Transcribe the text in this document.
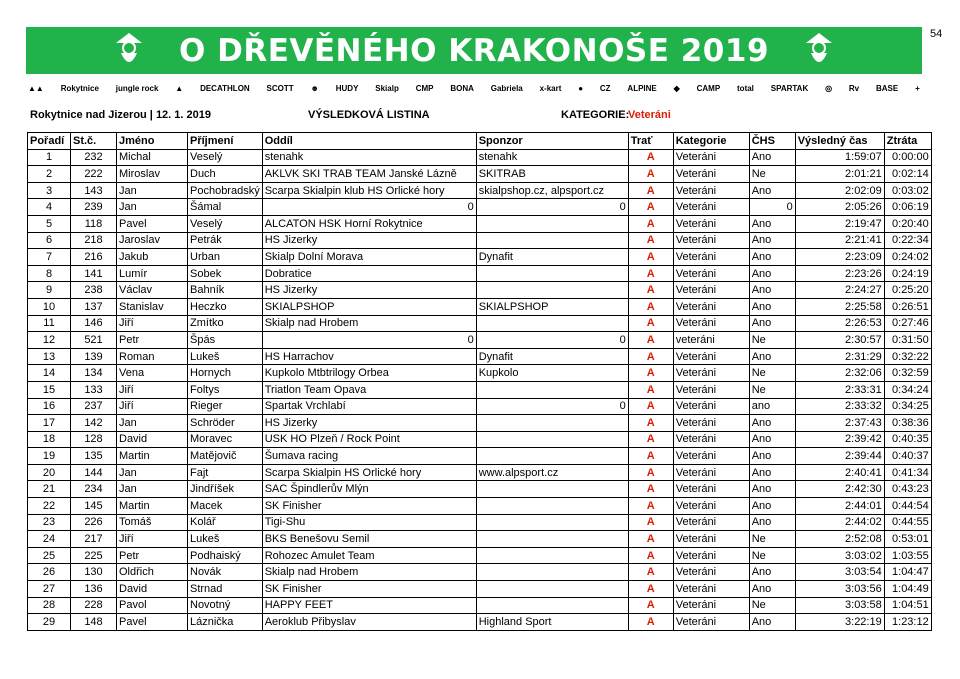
54
O DŘEVĚNÉHO KRAKONOŠE 2019
▲▲ Rokytnice jungle rock ▲ DECATHLON SCOTT ☻ HUDY Skialp CMP BONA Gabriela x-kart ● CZ ALPINE ◆ CAMP total SPARTAK ◎ Rv BASE +
Rokytnice nad Jizerou | 12. 1. 2019	VÝSLEDKOVÁ LISTINA	KATEGORIE:
Veteráni
Pořadí	St.č.	Jméno	Příjmení	Oddíl	Sponzor	Trať	Kategorie	ČHS	Výsledný čas	Ztráta
1	232	Michal	Veselý	stenahk	stenahk	A	Veteráni	Ano	1:59:07	0:00:00
2	222	Miroslav	Duch	AKLVK SKI TRAB TEAM Janské Lázně	SKITRAB	A	Veteráni	Ne	2:01:21	0:02:14
3	143	Jan	Pochobradský	Scarpa Skialpin klub HS Orlické hory	skialpshop.cz, alpsport.cz	A	Veteráni	Ano	2:02:09	0:03:02
4	239	Jan	Šámal	0	0	A	Veteráni	0	2:05:26	0:06:19
5	118	Pavel	Veselý	ALCATON HSK Horní Rokytnice		A	Veteráni	Ano	2:19:47	0:20:40
6	218	Jaroslav	Petrák	HS Jizerky		A	Veteráni	Ano	2:21:41	0:22:34
7	216	Jakub	Urban	Skialp Dolní Morava	Dynafit	A	Veteráni	Ano	2:23:09	0:24:02
8	141	Lumír	Sobek	Dobratice		A	Veteráni	Ano	2:23:26	0:24:19
9	238	Václav	Bahník	HS Jizerky		A	Veteráni	Ano	2:24:27	0:25:20
10	137	Stanislav	Heczko	SKIALPSHOP	SKIALPSHOP	A	Veteráni	Ano	2:25:58	0:26:51
11	146	Jiří	Zmítko	Skialp nad Hrobem		A	Veteráni	Ano	2:26:53	0:27:46
12	521	Petr	Špás	0	0	A	veteráni	Ne	2:30:57	0:31:50
13	139	Roman	Lukeš	HS Harrachov	Dynafit	A	Veteráni	Ano	2:31:29	0:32:22
14	134	Vena	Hornych	Kupkolo Mtbtrilogy Orbea	Kupkolo	A	Veteráni	Ne	2:32:06	0:32:59
15	133	Jiří	Foltys	Triatlon Team Opava		A	Veteráni	Ne	2:33:31	0:34:24
16	237	Jiří	Rieger	Spartak Vrchlabí	0	A	Veteráni	ano	2:33:32	0:34:25
17	142	Jan	Schröder	HS Jizerky		A	Veteráni	Ano	2:37:43	0:38:36
18	128	David	Moravec	USK HO Plzeň / Rock Point		A	Veteráni	Ano	2:39:42	0:40:35
19	135	Martin	Matějovič	Šumava racing		A	Veteráni	Ano	2:39:44	0:40:37
20	144	Jan	Fajt	Scarpa Skialpin HS Orlické hory	www.alpsport.cz	A	Veteráni	Ano	2:40:41	0:41:34
21	234	Jan	Jindříšek	SAC Špindlerův Mlýn		A	Veteráni	Ano	2:42:30	0:43:23
22	145	Martin	Macek	SK Finisher		A	Veteráni	Ano	2:44:01	0:44:54
23	226	Tomáš	Kolář	Tigi-Shu		A	Veteráni	Ano	2:44:02	0:44:55
24	217	Jiří	Lukeš	BKS Benešovu Semil		A	Veteráni	Ne	2:52:08	0:53:01
25	225	Petr	Podhaiský	Rohozec Amulet Team		A	Veteráni	Ne	3:03:02	1:03:55
26	130	Oldřich	Novák	Skialp nad Hrobem		A	Veteráni	Ano	3:03:54	1:04:47
27	136	David	Strnad	SK Finisher		A	Veteráni	Ano	3:03:56	1:04:49
28	228	Pavol	Novotný	HAPPY FEET		A	Veteráni	Ne	3:03:58	1:04:51
29	148	Pavel	Láznička	Aeroklub Přibyslav	Highland Sport	A	Veteráni	Ano	3:22:19	1:23:12
